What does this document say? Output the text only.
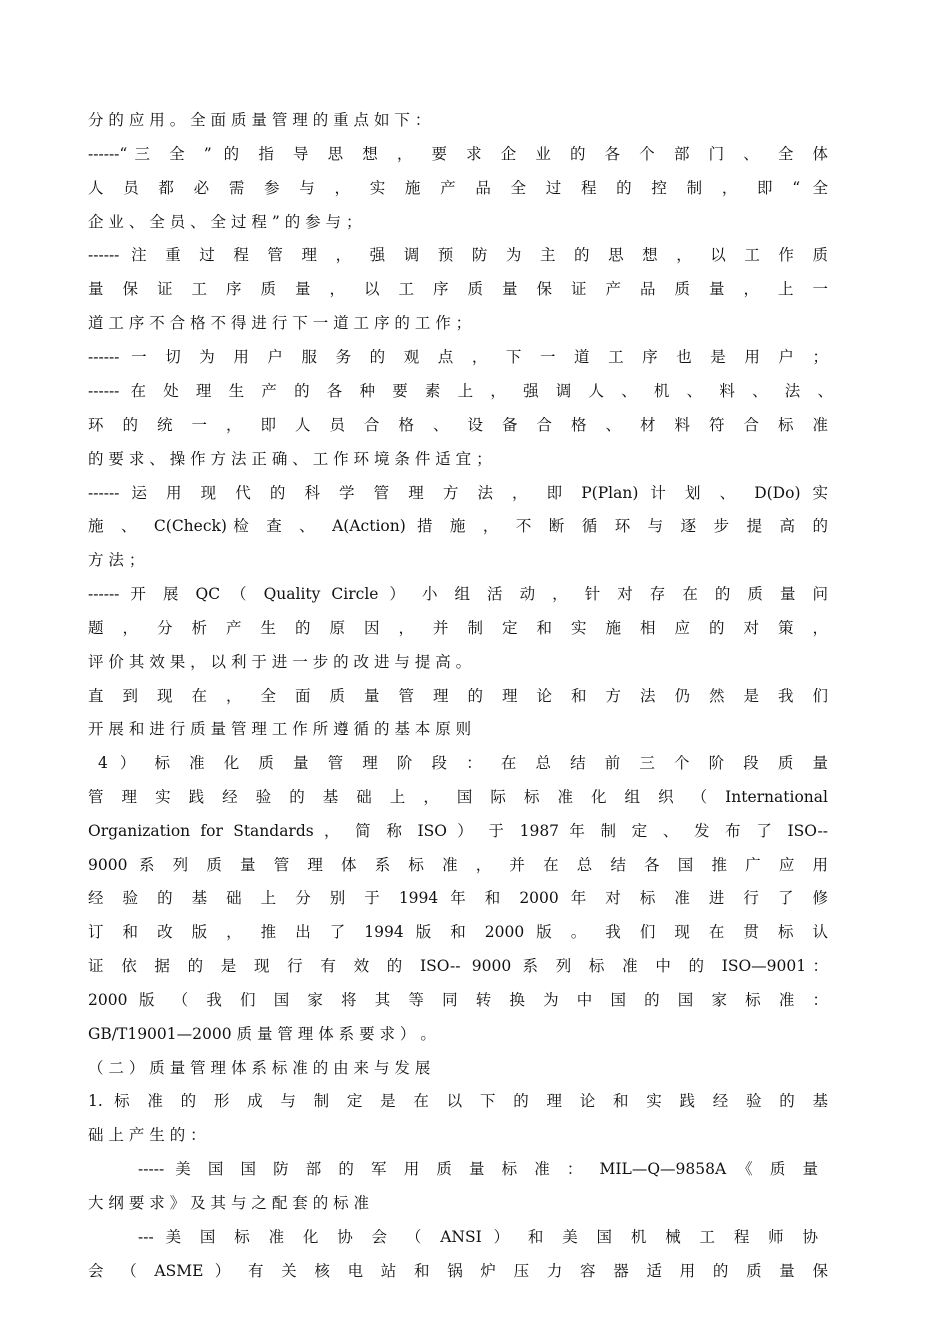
分 的 应 用 。 全 面 质 量 管 理 的 重 点 如 下 ：
------“三 全 ” 的 指 导 思 想 ， 要 求 企 业 的 各 个 部 门 、 全 体
人 员 都 必 需 参 与 ， 实 施 产 品 全 过 程 的 控 制 ， 即 “ 全
企 业 、 全 员 、 全 过 程 ” 的 参 与 ；
------ 注 重 过 程 管 理 ， 强 调 预 防 为 主 的 思 想 ， 以 工 作 质
量 保 证 工 序 质 量 ， 以 工 序 质 量 保 证 产 品 质 量 ， 上 一
道 工 序 不 合 格 不 得 进 行 下 一 道 工 序 的 工 作 ；
------ 一 切 为 用 户 服 务 的 观 点 ， 下 一 道 工 序 也 是 用 户 ；
------ 在 处 理 生 产 的 各 种 要 素 上 ， 强 调 人 、 机 、 料 、 法 、
环 的 统 一 ， 即 人 员 合 格 、 设 备 合 格 、 材 料 符 合 标 准
的 要 求 、 操 作 方 法 正 确 、 工 作 环 境 条 件 适 宜 ；
------ 运 用 现 代 的 科 学 管 理 方 法 ， 即 P(Plan) 计 划 、 D(Do) 实
施 、 C(Check)检 查 、 A(Action) 措 施 ， 不 断 循 环 与 逐 步 提 高 的
方 法 ；
------ 开 展 QC （ Quality Circle ） 小 组 活 动 ， 针 对 存 在 的 质 量 问
题 ， 分 析 产 生 的 原 因 ， 并 制 定 和 实 施 相 应 的 对 策 ，
评 价 其 效 果 ， 以 利 于 进 一 步 的 改 进 与 提 高 。
直 到 现 在 ， 全 面 质 量 管 理 的 理 论 和 方 法 仍 然 是 我 们
开 展 和 进 行 质 量 管 理 工 作 所 遵 循 的 基 本 原 则
4 ） 标 准 化 质 量 管 理 阶 段 ： 在 总 结 前 三 个 阶 段 质 量
管 理 实 践 经 验 的 基 础 上 ， 国 际 标 准 化 组 织 （ International
Organization for Standards ， 简 称 ISO ） 于 1987 年 制 定 、 发 布 了 ISO--
9000 系 列 质 量 管 理 体 系 标 准 ， 并 在 总 结 各 国 推 广 应 用
经 验 的 基 础 上 分 别 于 1994 年 和 2000 年 对 标 准 进 行 了 修
订 和 改 版 ， 推 出 了 1994 版 和 2000 版 。 我 们 现 在 贯 标 认
证 依 据 的 是 现 行 有 效 的 ISO-- 9000 系 列 标 准 中 的 ISO—9001：
2000 版 （ 我 们 国 家 将 其 等 同 转 换 为 中 国 的 国 家 标 准 ：
GB/T19001—2000 质 量 管 理 体 系 要 求 ） 。
（ 二 ） 质 量 管 理 体 系 标 准 的 由 来 与 发 展
1. 标 准 的 形 成 与 制 定 是 在 以 下 的 理 论 和 实 践 经 验 的 基
础 上 产 生 的 ：
----- 美 国 国 防 部 的 军 用 质 量 标 准 ： MIL—Q—9858A 《 质 量
大 纲 要 求 》 及 其 与 之 配 套 的 标 准
--- 美 国 标 准 化 协 会 （ ANSI ） 和 美 国 机 械 工 程 师 协
会 （ ASME ） 有 关 核 电 站 和 锅 炉 压 力 容 器 适 用 的 质 量 保
